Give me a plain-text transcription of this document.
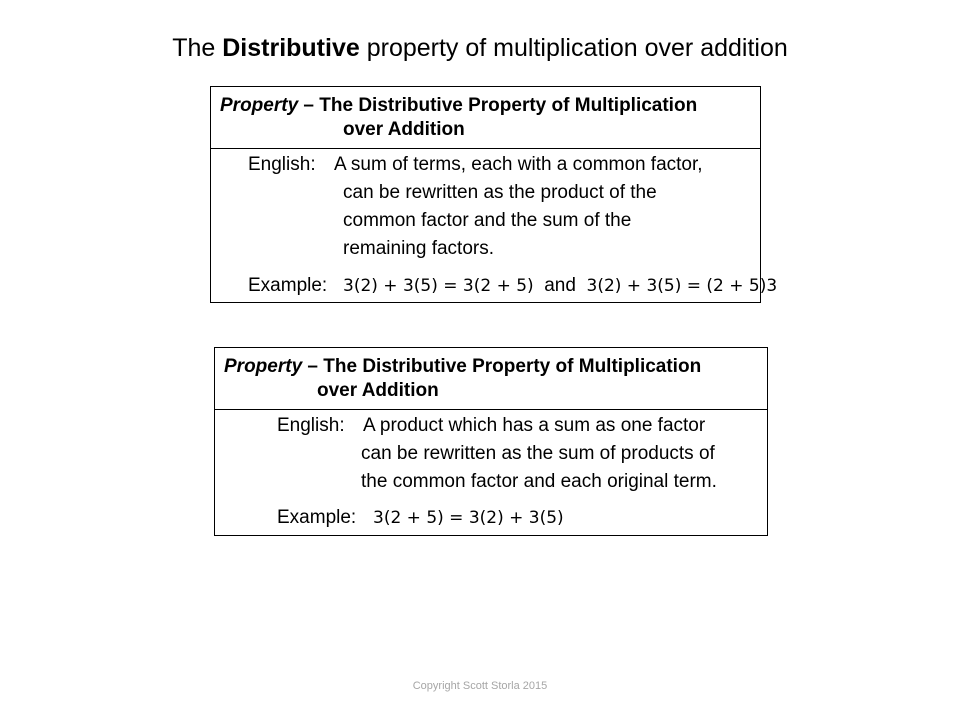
The Distributive property of multiplication over addition
Property – The Distributive Property of Multiplication
over Addition
English: A sum of terms, each with a common factor,
can be rewritten as the product of the
common factor and the sum of the
remaining factors.
Example: 3(2) + 3(5) = 3(2 + 5) and 3(2) + 3(5) = (2 + 5)3
Property – The Distributive Property of Multiplication
over Addition
English: A product which has a sum as one factor
can be rewritten as the sum of products of
the common factor and each original term.
Example: 3(2 + 5) = 3(2) + 3(5)
Copyright Scott Storla 2015
